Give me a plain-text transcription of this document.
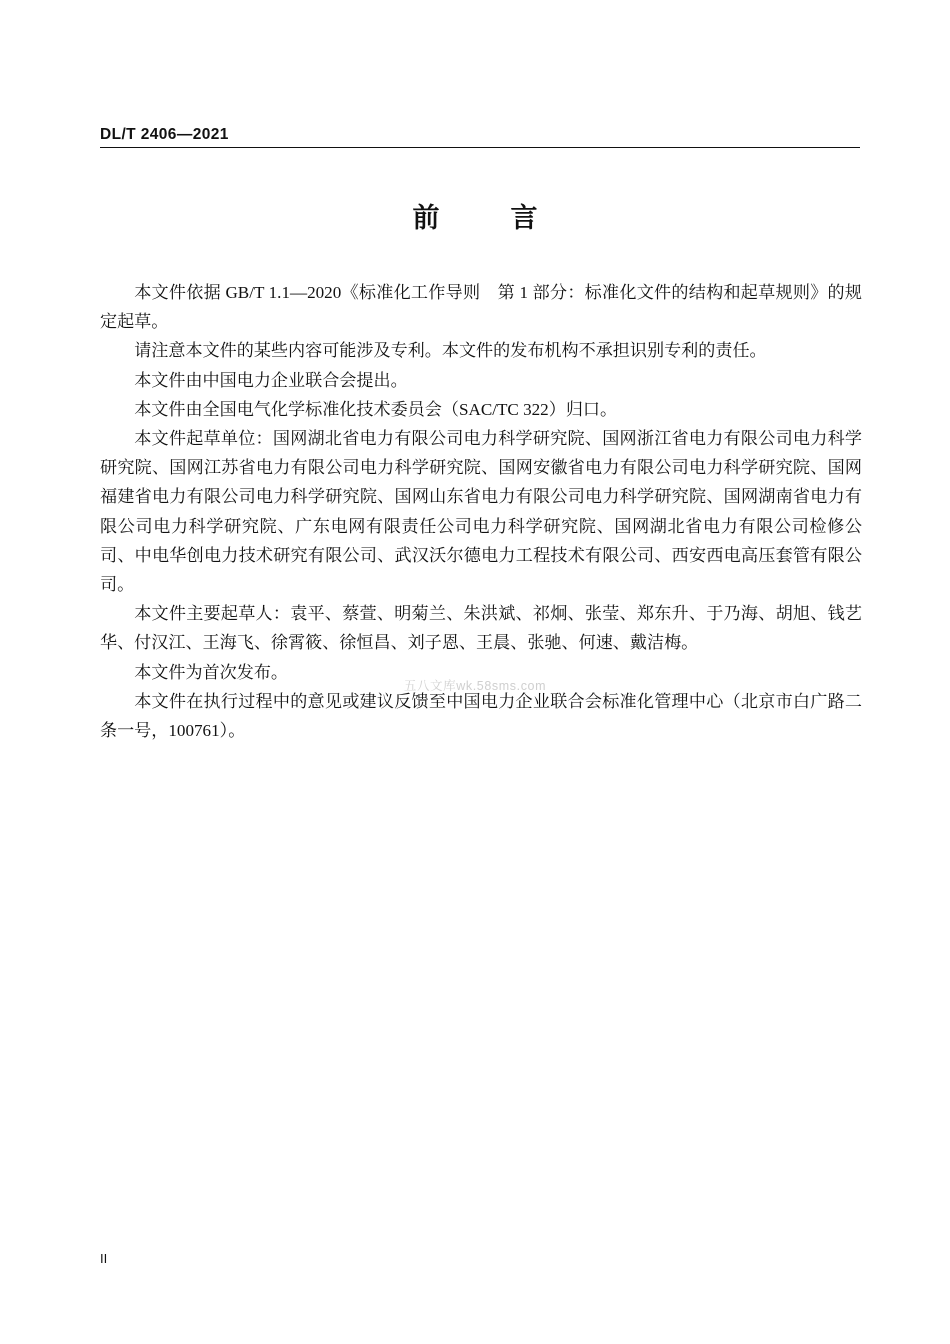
DL/T 2406—2021
前　言

本文件依据 GB/T 1.1—2020《标准化工作导则　第 1 部分：标准化文件的结构和起草规则》的规定起草。

请注意本文件的某些内容可能涉及专利。本文件的发布机构不承担识别专利的责任。

本文件由中国电力企业联合会提出。

本文件由全国电气化学标准化技术委员会（SAC/TC 322）归口。

本文件起草单位：国网湖北省电力有限公司电力科学研究院、国网浙江省电力有限公司电力科学研究院、国网江苏省电力有限公司电力科学研究院、国网安徽省电力有限公司电力科学研究院、国网福建省电力有限公司电力科学研究院、国网山东省电力有限公司电力科学研究院、国网湖南省电力有限公司电力科学研究院、广东电网有限责任公司电力科学研究院、国网湖北省电力有限公司检修公司、中电华创电力技术研究有限公司、武汉沃尔德电力工程技术有限公司、西安西电高压套管有限公司。

本文件主要起草人：袁平、蔡萱、明菊兰、朱洪斌、祁炯、张莹、郑东升、于乃海、胡旭、钱艺华、付汉江、王海飞、徐霄筱、徐恒昌、刘子恩、王晨、张驰、何速、戴洁梅。

本文件为首次发布。

本文件在执行过程中的意见或建议反馈至中国电力企业联合会标准化管理中心（北京市白广路二条一号，100761）。

五八文库wk.58sms.com
II
